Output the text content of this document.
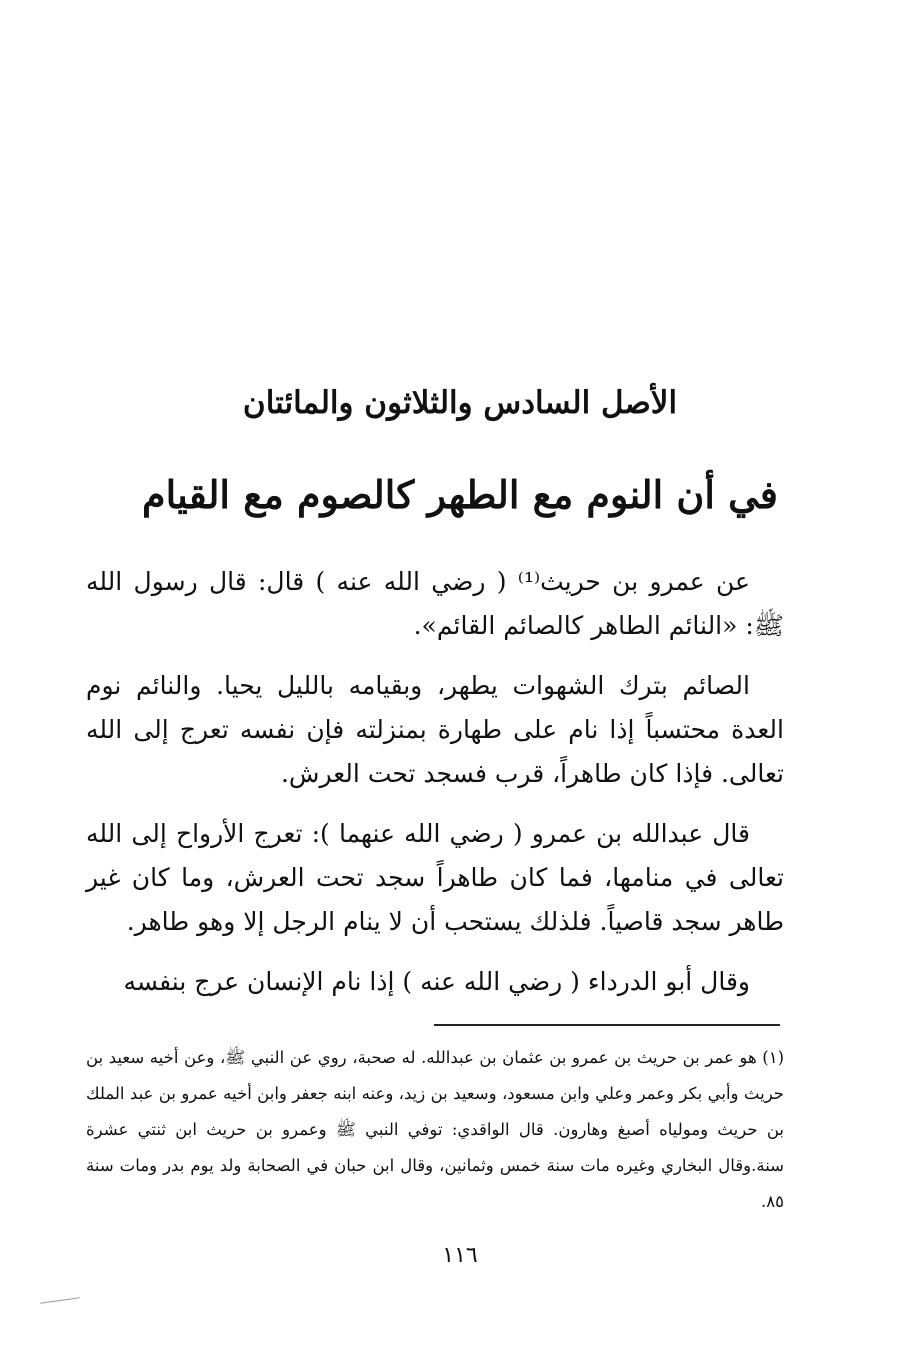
الأصل السادس والثلاثون والمائتان
في أن النوم مع الطهر كالصوم مع القيام

عن عمرو بن حريث⁽¹⁾ ( رضي الله عنه ) قال: قال رسول الله ﷺ: «النائم الطاهر كالصائم القائم».

الصائم بترك الشهوات يطهر، وبقيامه بالليل يحيا. والنائم نوم العدة محتسباً إذا نام على طهارة بمنزلته فإن نفسه تعرج إلى الله تعالى. فإذا كان طاهراً، قرب فسجد تحت العرش.

قال عبدالله بن عمرو ( رضي الله عنهما ): تعرج الأرواح إلى الله تعالى في منامها، فما كان طاهراً سجد تحت العرش، وما كان غير طاهر سجد قاصياً. فلذلك يستحب أن لا ينام الرجل إلا وهو طاهر.

وقال أبو الدرداء ( رضي الله عنه ) إذا نام الإنسان عرج بنفسه

(١) هو عمر بن حريث بن عمرو بن عثمان بن عبدالله. له صحبة، روي عن النبي ﷺ، وعن أخيه سعيد بن حريث وأبي بكر وعمر وعلي وابن مسعود، وسعيد بن زيد، وعنه ابنه جعفر وابن أخيه عمرو بن عبد الملك بن حريث ومولياه أصبغ وهارون. قال الواقدي: توفي النبي ﷺ وعمرو بن حريث ابن ثنتي عشرة سنة.وقال البخاري وغيره مات سنة خمس وثمانين، وقال ابن حبان في الصحابة ولد يوم بدر ومات سنة ٨٥.
١١٦
